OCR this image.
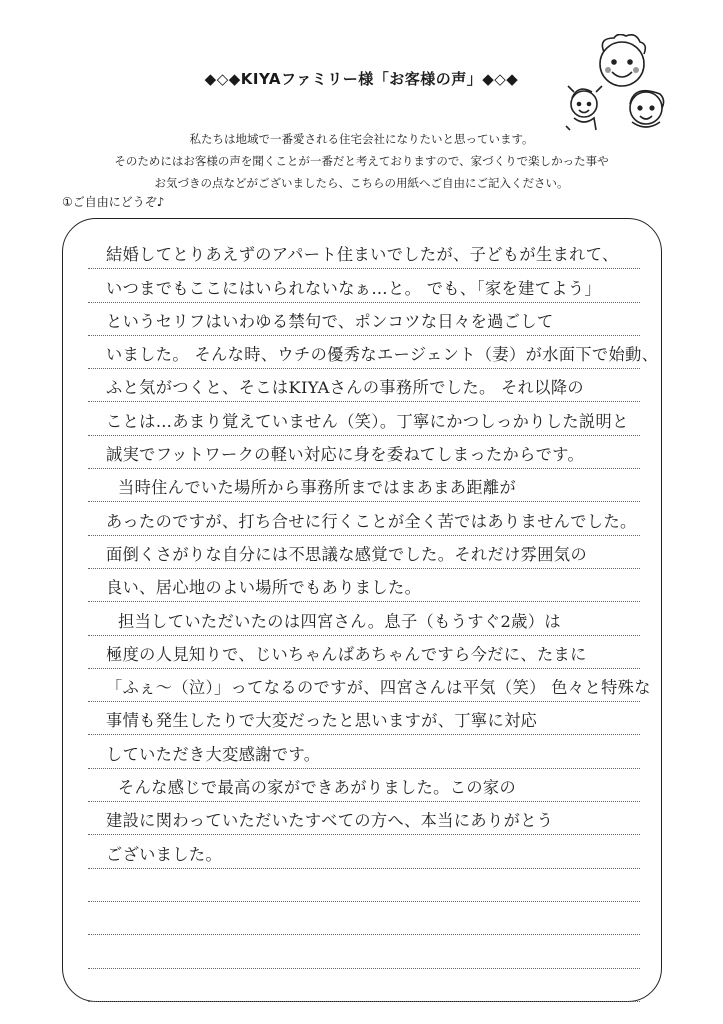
◆◇◆KIYAファミリー様「お客様の声」◆◇◆
私たちは地域で一番愛される住宅会社になりたいと思っています。
そのためにはお客様の声を聞くことが一番だと考えておりますので、家づくりで楽しかった事や
お気づきの点などがございましたら、こちらの用紙へご自由にご記入ください。
①ご自由にどうぞ♪
結婚してとりあえずのアパート住まいでしたが、子どもが生まれて、
いつまでもここにはいられないなぁ…と。 でも、「家を建てよう」
というセリフはいわゆる禁句で、ポンコツな日々を過ごして
いました。 そんな時、ウチの優秀なエージェント（妻）が水面下で始動、
ふと気がつくと、そこはKIYAさんの事務所でした。 それ以降の
ことは…あまり覚えていません（笑）。丁寧にかつしっかりした説明と
誠実でフットワークの軽い対応に身を委ねてしまったからです。
当時住んでいた場所から事務所まではまあまあ距離が
あったのですが、打ち合せに行くことが全く苦ではありませんでした。
面倒くさがりな自分には不思議な感覚でした。それだけ雰囲気の
良い、居心地のよい場所でもありました。
担当していただいたのは四宮さん。息子（もうすぐ2歳）は
極度の人見知りで、じいちゃんばあちゃんですら今だに、たまに
「ふぇ〜（泣）」ってなるのですが、四宮さんは平気（笑） 色々と特殊な
事情も発生したりで大変だったと思いますが、丁寧に対応
していただき大変感謝です。
そんな感じで最高の家ができあがりました。この家の
建設に関わっていただいたすべての方へ、本当にありがとう
ございました。
